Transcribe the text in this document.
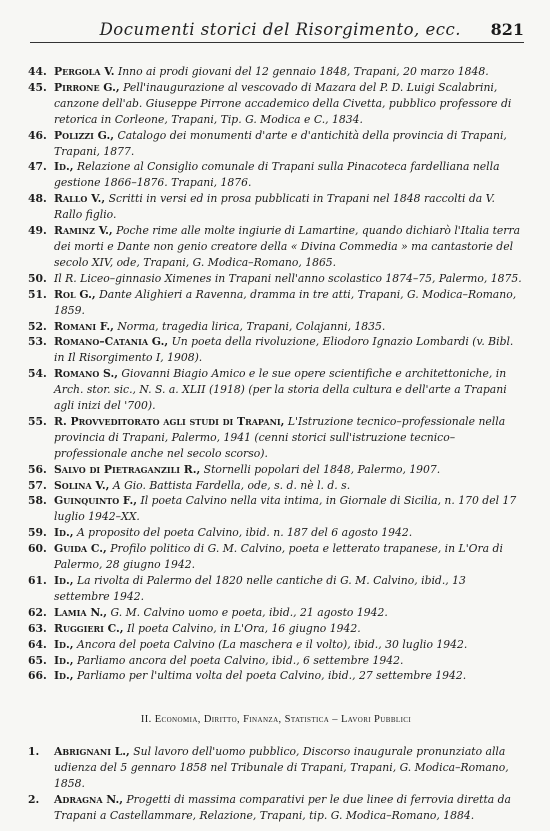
Documenti storici del Risorgimento, ecc.	821
44. Pergola V. Inno ai prodi giovani del 12 gennaio 1848, Trapani, 20 marzo 1848.
45. Pirrone G., Pell'inaugurazione al vescovado di Mazara del P. D. Luigi Scalabrini, canzone dell'ab. Giuseppe Pirrone accademico della Civetta, pubblico professore di retorica in Corleone, Trapani, Tip. G. Modica e C., 1834.
46. Polizzi G., Catalogo dei monumenti d'arte e d'antichità della provincia di Trapani, Trapani, 1877.
47. Id., Relazione al Consiglio comunale di Trapani sulla Pinacoteca fardelliana nella gestione 1866–1876. Trapani, 1876.
48. Rallo V., Scritti in versi ed in prosa pubblicati in Trapani nel 1848 raccolti da V. Rallo figlio.
49. Raminz V., Poche rime alle molte ingiurie di Lamartine, quando dichiarò l'Italia terra dei morti e Dante non genio creatore della « Divina Commedia » ma cantastorie del secolo XIV, ode, Trapani, G. Modica–Romano, 1865.
50. Il R. Liceo–ginnasio Ximenes in Trapani nell'anno scolastico 1874–75, Palermo, 1875.
51. Rol G., Dante Alighieri a Ravenna, dramma in tre atti, Trapani, G. Modica–Romano, 1859.
52. Romani F., Norma, tragedia lirica, Trapani, Colajanni, 1835.
53. Romano–Catania G., Un poeta della rivoluzione, Eliodoro Ignazio Lombardi (v. Bibl. in Il Risorgimento I, 1908).
54. Romano S., Giovanni Biagio Amico e le sue opere scientifiche e architettoniche, in Arch. stor. sic., N. S. a. XLII (1918) (per la storia della cultura e dell'arte a Trapani agli inizi del '700).
55. R. Provveditorato agli studi di Trapani, L'Istruzione tecnico–professionale nella provincia di Trapani, Palermo, 1941 (cenni storici sull'istruzione tecnico–professionale anche nel secolo scorso).
56. Salvo di Pietraganzili R., Stornelli popolari del 1848, Palermo, 1907.
57. Solina V., A Gio. Battista Fardella, ode, s. d. nè l. d. s.
58. Guinquinto F., Il poeta Calvino nella vita intima, in Giornale di Sicilia, n. 170 del 17 luglio 1942–XX.
59. Id., A proposito del poeta Calvino, ibid. n. 187 del 6 agosto 1942.
60. Guida C., Profilo politico di G. M. Calvino, poeta e letterato trapanese, in L'Ora di Palermo, 28 giugno 1942.
61. Id., La rivolta di Palermo del 1820 nelle cantiche di G. M. Calvino, ibid., 13 settembre 1942.
62. Lamia N., G. M. Calvino uomo e poeta, ibid., 21 agosto 1942.
63. Ruggieri C., Il poeta Calvino, in L'Ora, 16 giugno 1942.
64. Id., Ancora del poeta Calvino (La maschera e il volto), ibid., 30 luglio 1942.
65. Id., Parliamo ancora del poeta Calvino, ibid., 6 settembre 1942.
66. Id., Parliamo per l'ultima volta del poeta Calvino, ibid., 27 settembre 1942.
II. Economia, Diritto, Finanza, Statistica – Lavori Pubblici
1.	Abrignani L., Sul lavoro dell'uomo pubblico, Discorso inaugurale pronunziato alla udienza del 5 gennaro 1858 nel Tribunale di Trapani, Trapani, G. Modica–Romano, 1858.
2.	Adragna N., Progetti di massima comparativi per le due linee di ferrovia diretta da Trapani a Castellammare, Relazione, Trapani, tip. G. Modica–Romano, 1884.
